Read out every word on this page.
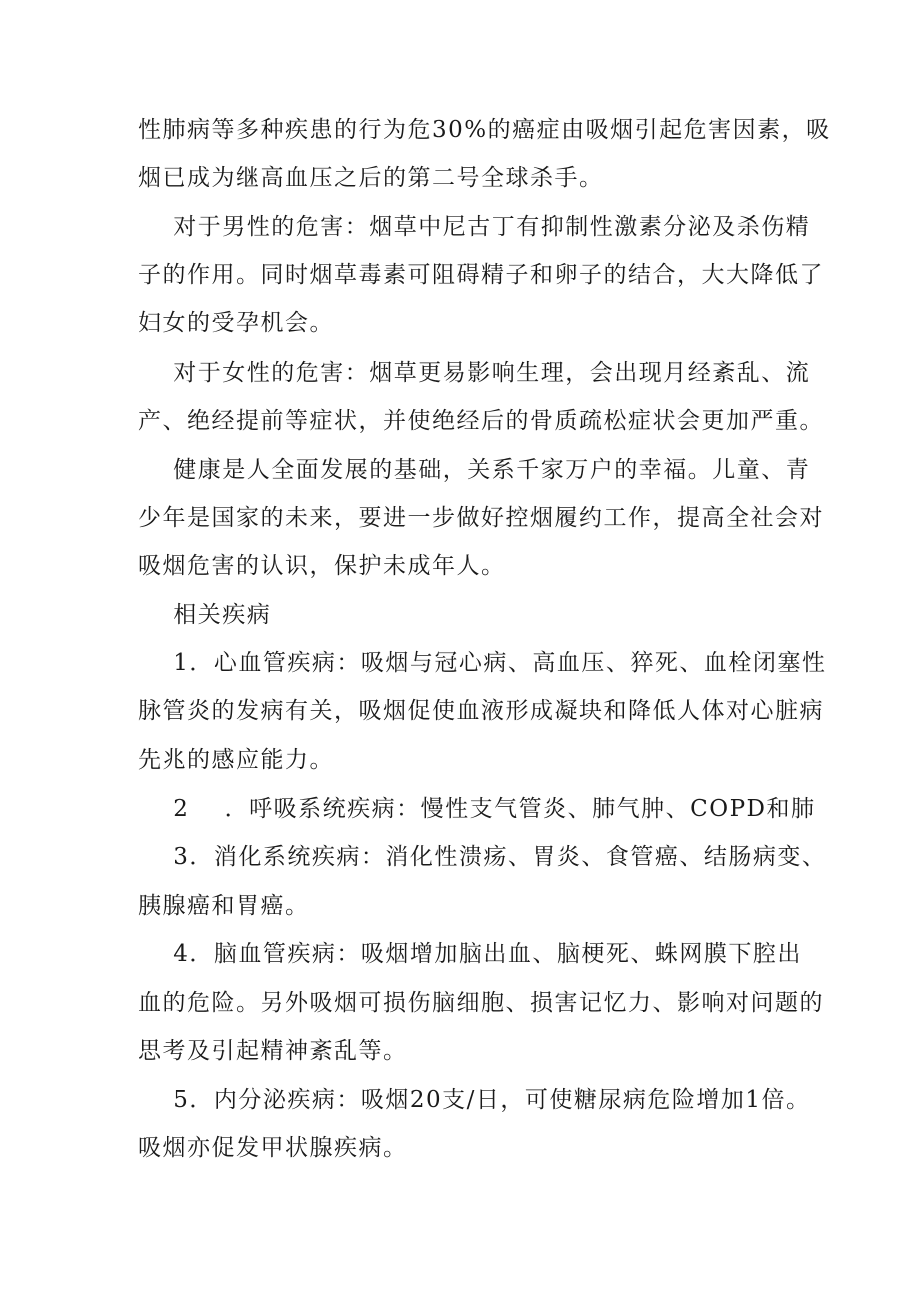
性肺病等多种疾患的行为危30%的癌症由吸烟引起危害因素，吸
烟已成为继高血压之后的第二号全球杀手。
对于男性的危害：烟草中尼古丁有抑制性激素分泌及杀伤精
子的作用。同时烟草毒素可阻碍精子和卵子的结合，大大降低了
妇女的受孕机会。
对于女性的危害：烟草更易影响生理，会出现月经紊乱、流
产、绝经提前等症状，并使绝经后的骨质疏松症状会更加严重。
健康是人全面发展的基础，关系千家万户的幸福。儿童、青
少年是国家的未来，要进一步做好控烟履约工作，提高全社会对
吸烟危害的认识，保护未成年人。
相关疾病
1．心血管疾病：吸烟与冠心病、高血压、猝死、血栓闭塞性
脉管炎的发病有关，吸烟促使血液形成凝块和降低人体对心脏病
先兆的感应能力。
2    ．呼吸系统疾病：慢性支气管炎、肺气肿、COPD和肺
3．消化系统疾病：消化性溃疡、胃炎、食管癌、结肠病变、
胰腺癌和胃癌。
4．脑血管疾病：吸烟增加脑出血、脑梗死、蛛网膜下腔出
血的危险。另外吸烟可损伤脑细胞、损害记忆力、影响对问题的
思考及引起精神紊乱等。
5．内分泌疾病：吸烟20支/日，可使糖尿病危险增加1倍。
吸烟亦促发甲状腺疾病。
